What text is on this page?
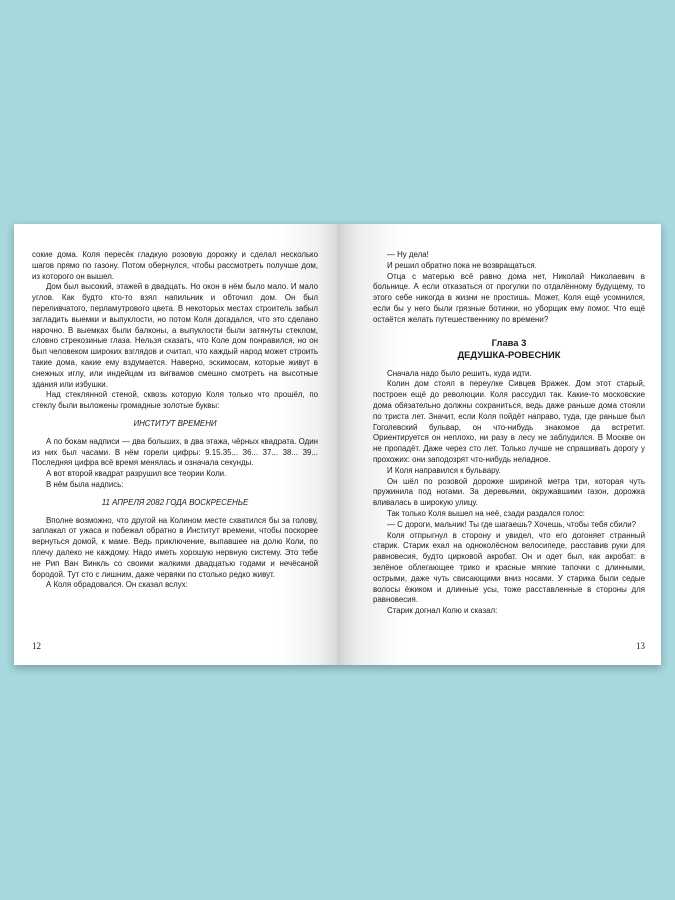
сокие дома. Коля пересёк гладкую розовую дорожку и сделал несколько шагов прямо по газону. Потом обернулся, чтобы рассмотреть получше дом, из которого он вышел.

Дом был высокий, этажей в двадцать. Но окон в нём было мало. И мало углов. Как будто кто-то взял напильник и обточил дом. Он был переливчатого, перламутрового цвета. В некоторых местах строитель забыл загладить выемки и выпуклости, но потом Коля догадался, что это сделано нарочно. В выемках были балконы, а выпуклости были затянуты стеклом, словно стрекозиные глаза. Нельзя сказать, что Коле дом понравился, но он был человеком широких взглядов и считал, что каждый народ может строить такие дома, какие ему вздумается. Наверно, эскимосам, которые живут в снежных иглу, или индейцам из вигвамов смешно смотреть на высотные здания или избушки.

Над стеклянной стеной, сквозь которую Коля только что прошёл, по стеклу были выложены громадные золотые буквы:

ИНСТИТУТ ВРЕМЕНИ

А по бокам надписи — два больших, в два этажа, чёрных квадрата. Один из них был часами. В нём горели цифры: 9.15.35... 36... 37... 38... 39... Последняя цифра всё время менялась и означала секунды.

А вот второй квадрат разрушил все теории Коли.

В нём была надпись:

11 АПРЕЛЯ 2082 ГОДА ВОСКРЕСЕНЬЕ

Вполне возможно, что другой на Колином месте схватился бы за голову, заплакал от ужаса и побежал обратно в Институт времени, чтобы поскорее вернуться домой, к маме. Ведь приключение, выпавшее на долю Коли, по плечу далеко не каждому. Надо иметь хорошую нервную систему. Это тебе не Рип Ван Винкль со своими жалкими двадцатью годами и нечёсаной бородой. Тут сто с лишним, даже червяки по столько редко живут.

А Коля обрадовался. Он сказал вслух:

12

— Ну дела!

И решил обратно пока не возвращаться.

Отца с матерью всё равно дома нет, Николай Николаевич в больнице. А если отказаться от прогулки по отдалённому будущему, то этого себе никогда в жизни не простишь. Может, Коля ещё усомнился, если бы у него были грязные ботинки, но уборщик ему помог. Что ещё остаётся желать путешественнику по времени?

Глава 3
ДЕДУШКА-РОВЕСНИК

Сначала надо было решить, куда идти.

Колин дом стоял в переулке Сивцев Вражек. Дом этот старый, построен ещё до революции. Коля рассудил так. Какие-то московские дома обязательно должны сохраниться, ведь даже раньше дома стояли по триста лет. Значит, если Коля пойдёт направо, туда, где раньше был Гоголевский бульвар, он что-нибудь знакомое да встретит. Ориентируется он неплохо, ни разу в лесу не заблудился. В Москве он не пропадёт. Даже через сто лет. Только лучше не спрашивать дорогу у прохожих: они заподозрят что-нибудь неладное.

И Коля направился к бульвару.

Он шёл по розовой дорожке шириной метра три, которая чуть пружинила под ногами. За деревьями, окружавшими газон, дорожка вливалась в широкую улицу.

Так только Коля вышел на неё, сзади раздался голос:

— С дороги, мальчик! Ты где шагаешь? Хочешь, чтобы тебя сбили?

Коля отпрыгнул в сторону и увидел, что его догоняет странный старик. Старик ехал на одноколёсном велосипеде, расставив руки для равновесия, будто цирковой акробат. Он и одет был, как акробат: в зелёное облегающее трико и красные мягкие тапочки с длинными, острыми, даже чуть свисающими вниз носами. У старика были седые волосы ёжиком и длинные усы, тоже расставленные в стороны для равновесия.

Старик догнал Колю и сказал:

13
